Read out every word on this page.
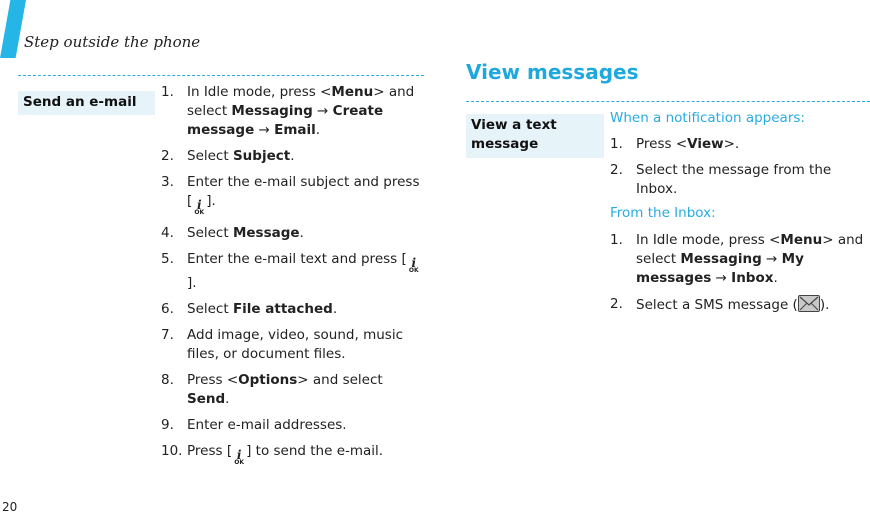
Step outside the phone
Send an e-mail
1. In Idle mode, press <Menu> and select Messaging → Create message → Email.
2. Select Subject.
3. Enter the e-mail subject and press [ i
OK
].
4. Select Message.
5. Enter the e-mail text and press [ i
OK
].
6. Select File attached.
7. Add image, video, sound, music files, or document files.
8. Press <Options> and select Send.
9. Enter e-mail addresses.
10. Press [ i
OK
] to send the e-mail.
View messages
View a text message
When a notification appears:
1. Press <View>.
2. Select the message from the Inbox.
From the Inbox:
1. In Idle mode, press <Menu> and select Messaging → My messages → Inbox.
2. Select a SMS message ( ).
20
